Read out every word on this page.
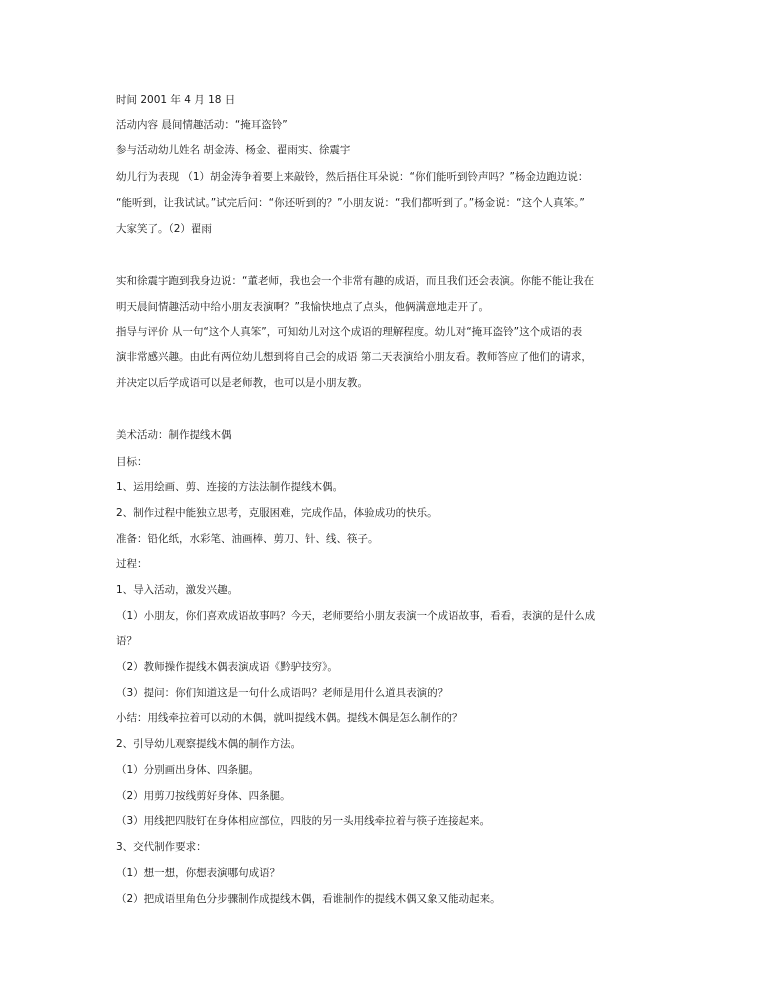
时间 2001 年 4 月 18 日
活动内容 晨间情趣活动：“掩耳盗铃”
参与活动幼儿姓名 胡金涛、杨金、翟雨实、徐震宇
幼儿行为表现 （1）胡金涛争着要上来敲铃，然后捂住耳朵说：“你们能听到铃声吗？”杨金边跑边说：
“能听到，让我试试。”试完后问：“你还听到的？”小朋友说：“我们都听到了。”杨金说：“这个人真笨。”
大家笑了。（2）翟雨
实和徐震宇跑到我身边说：“董老师，我也会一个非常有趣的成语，而且我们还会表演。你能不能让我在
明天晨间情趣活动中给小朋友表演啊？”我愉快地点了点头，他俩满意地走开了。
指导与评价 从一句“这个人真笨”，可知幼儿对这个成语的理解程度。幼儿对“掩耳盗铃”这个成语的表
演非常感兴趣。由此有两位幼儿想到将自己会的成语 第二天表演给小朋友看。教师答应了他们的请求，
并决定以后学成语可以是老师教，也可以是小朋友教。
美术活动：制作提线木偶
目标：
1、运用绘画、剪、连接的方法法制作提线木偶。
2、制作过程中能独立思考，克服困难，完成作品，体验成功的快乐。
准备：铅化纸，水彩笔、油画棒、剪刀、针、线、筷子。
过程：
1、导入活动，激发兴趣。
（1）小朋友，你们喜欢成语故事吗？今天，老师要给小朋友表演一个成语故事，看看，表演的是什么成
语？
（2）教师操作提线木偶表演成语《黔驴技穷》。
（3）提问：你们知道这是一句什么成语吗？老师是用什么道具表演的？
小结：用线牵拉着可以动的木偶，就叫提线木偶。提线木偶是怎么制作的？
2、引导幼儿观察提线木偶的制作方法。
（1）分别画出身体、四条腿。
（2）用剪刀按线剪好身体、四条腿。
（3）用线把四肢钉在身体相应部位，四肢的另一头用线牵拉着与筷子连接起来。
3、交代制作要求：
（1）想一想，你想表演哪句成语？
（2）把成语里角色分步骤制作成提线木偶，看谁制作的提线木偶又象又能动起来。
